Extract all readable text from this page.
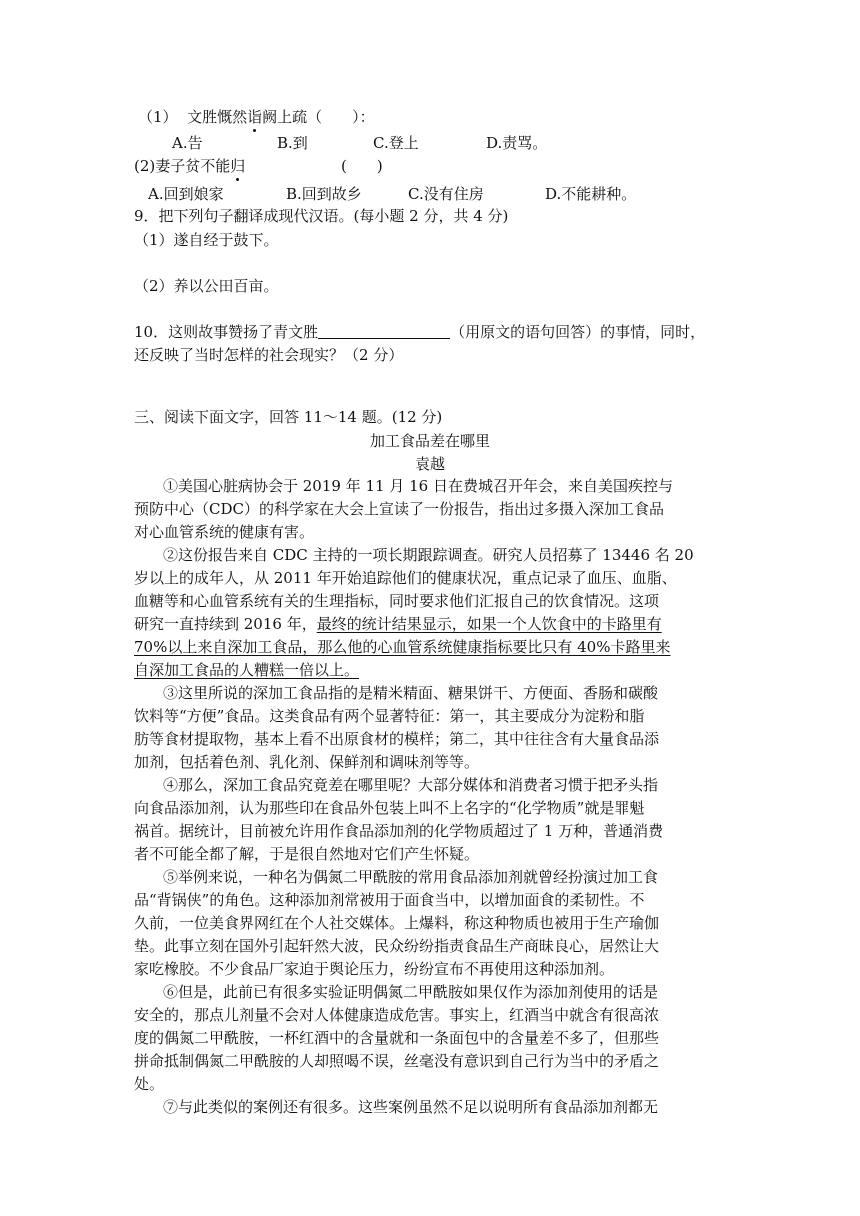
（1） 文胜慨然诣阙上疏（　　）：
A.告	B.到	C.登上	D.责骂。
(2)妻子贫不能归	(　　)
A.回到娘家	B.回到故乡	C.没有住房	D.不能耕种。
9．把下列句子翻译成现代汉语。(每小题 2 分，共 4 分)
（1）遂自经于鼓下。
（2）养以公田百亩。
10．这则故事赞扬了青文胜	（用原文的语句回答）的事情，同时，
还反映了当时怎样的社会现实？（2 分）
三、阅读下面文字，回答 11～14 题。(12 分)
加工食品差在哪里
袁越
①美国心脏病协会于 2019 年 11 月 16 日在费城召开年会，来自美国疾控与
预防中心（CDC）的科学家在大会上宣读了一份报告，指出过多摄入深加工食品
对心血管系统的健康有害。
②这份报告来自 CDC 主持的一项长期跟踪调查。研究人员招募了 13446 名 20
岁以上的成年人，从 2011 年开始追踪他们的健康状况，重点记录了血压、血脂、
血糖等和心血管系统有关的生理指标，同时要求他们汇报自己的饮食情况。这项
研究一直持续到 2016 年，最终的统计结果显示，如果一个人饮食中的卡路里有
70%以上来自深加工食品，那么他的心血管系统健康指标要比只有 40%卡路里来
自深加工食品的人糟糕一倍以上。
③这里所说的深加工食品指的是精米精面、糖果饼干、方便面、香肠和碳酸
饮料等“方便”食品。这类食品有两个显著特征：第一，其主要成分为淀粉和脂
肪等食材提取物，基本上看不出原食材的模样；第二，其中往往含有大量食品添
加剂，包括着色剂、乳化剂、保鲜剂和调味剂等等。
④那么，深加工食品究竟差在哪里呢？大部分媒体和消费者习惯于把矛头指
向食品添加剂，认为那些印在食品外包装上叫不上名字的“化学物质”就是罪魁
祸首。据统计，目前被允许用作食品添加剂的化学物质超过了 1 万种，普通消费
者不可能全都了解，于是很自然地对它们产生怀疑。
⑤举例来说，一种名为偶氮二甲酰胺的常用食品添加剂就曾经扮演过加工食
品“背锅侠”的角色。这种添加剂常被用于面食当中，以增加面食的柔韧性。不
久前，一位美食界网红在个人社交媒体。上爆料，称这种物质也被用于生产瑜伽
垫。此事立刻在国外引起轩然大波，民众纷纷指责食品生产商昧良心，居然让大
家吃橡胶。不少食品厂家迫于舆论压力，纷纷宣布不再使用这种添加剂。
⑥但是，此前已有很多实验证明偶氮二甲酰胺如果仅作为添加剂使用的话是
安全的，那点儿剂量不会对人体健康造成危害。事实上，红酒当中就含有很高浓
度的偶氮二甲酰胺，一杯红酒中的含量就和一条面包中的含量差不多了，但那些
拼命抵制偶氮二甲酰胺的人却照喝不误，丝毫没有意识到自己行为当中的矛盾之
处。
⑦与此类似的案例还有很多。这些案例虽然不足以说明所有食品添加剂都无
